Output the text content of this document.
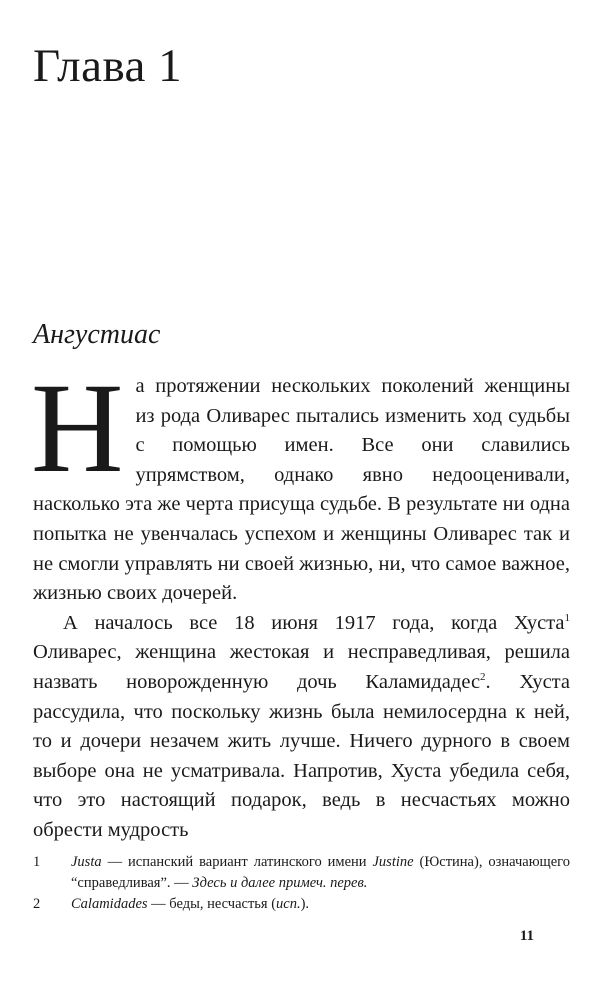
Глава 1
Ангустиас

На протяжении нескольких поколений женщины из рода Оливарес пытались изменить ход судьбы с помощью имен. Все они славились упрямством, однако явно недооценивали, насколько эта же черта присуща судьбе. В результате ни одна попытка не увенчалась успехом и женщины Оливарес так и не смогли управлять ни своей жизнью, ни, что самое важное, жизнью своих дочерей.

А началось все 18 июня 1917 года, когда Хуста$^1$ Оливарес, женщина жестокая и несправедливая, решила назвать новорожденную дочь Каламидадес$^2$. Хуста рассудила, что поскольку жизнь была немилосердна к ней, то и дочери незачем жить лучше. Ничего дурного в своем выборе она не усматривала. Напротив, Хуста убедила себя, что это настоящий подарок, ведь в несчастьях можно обрести мудрость

1	Justa — испанский вариант латинского имени Justine (Юстина), означающего “справедливая”. — Здесь и далее примеч. перев.
2	Calamidades — беды, несчастья (исп.).
11
